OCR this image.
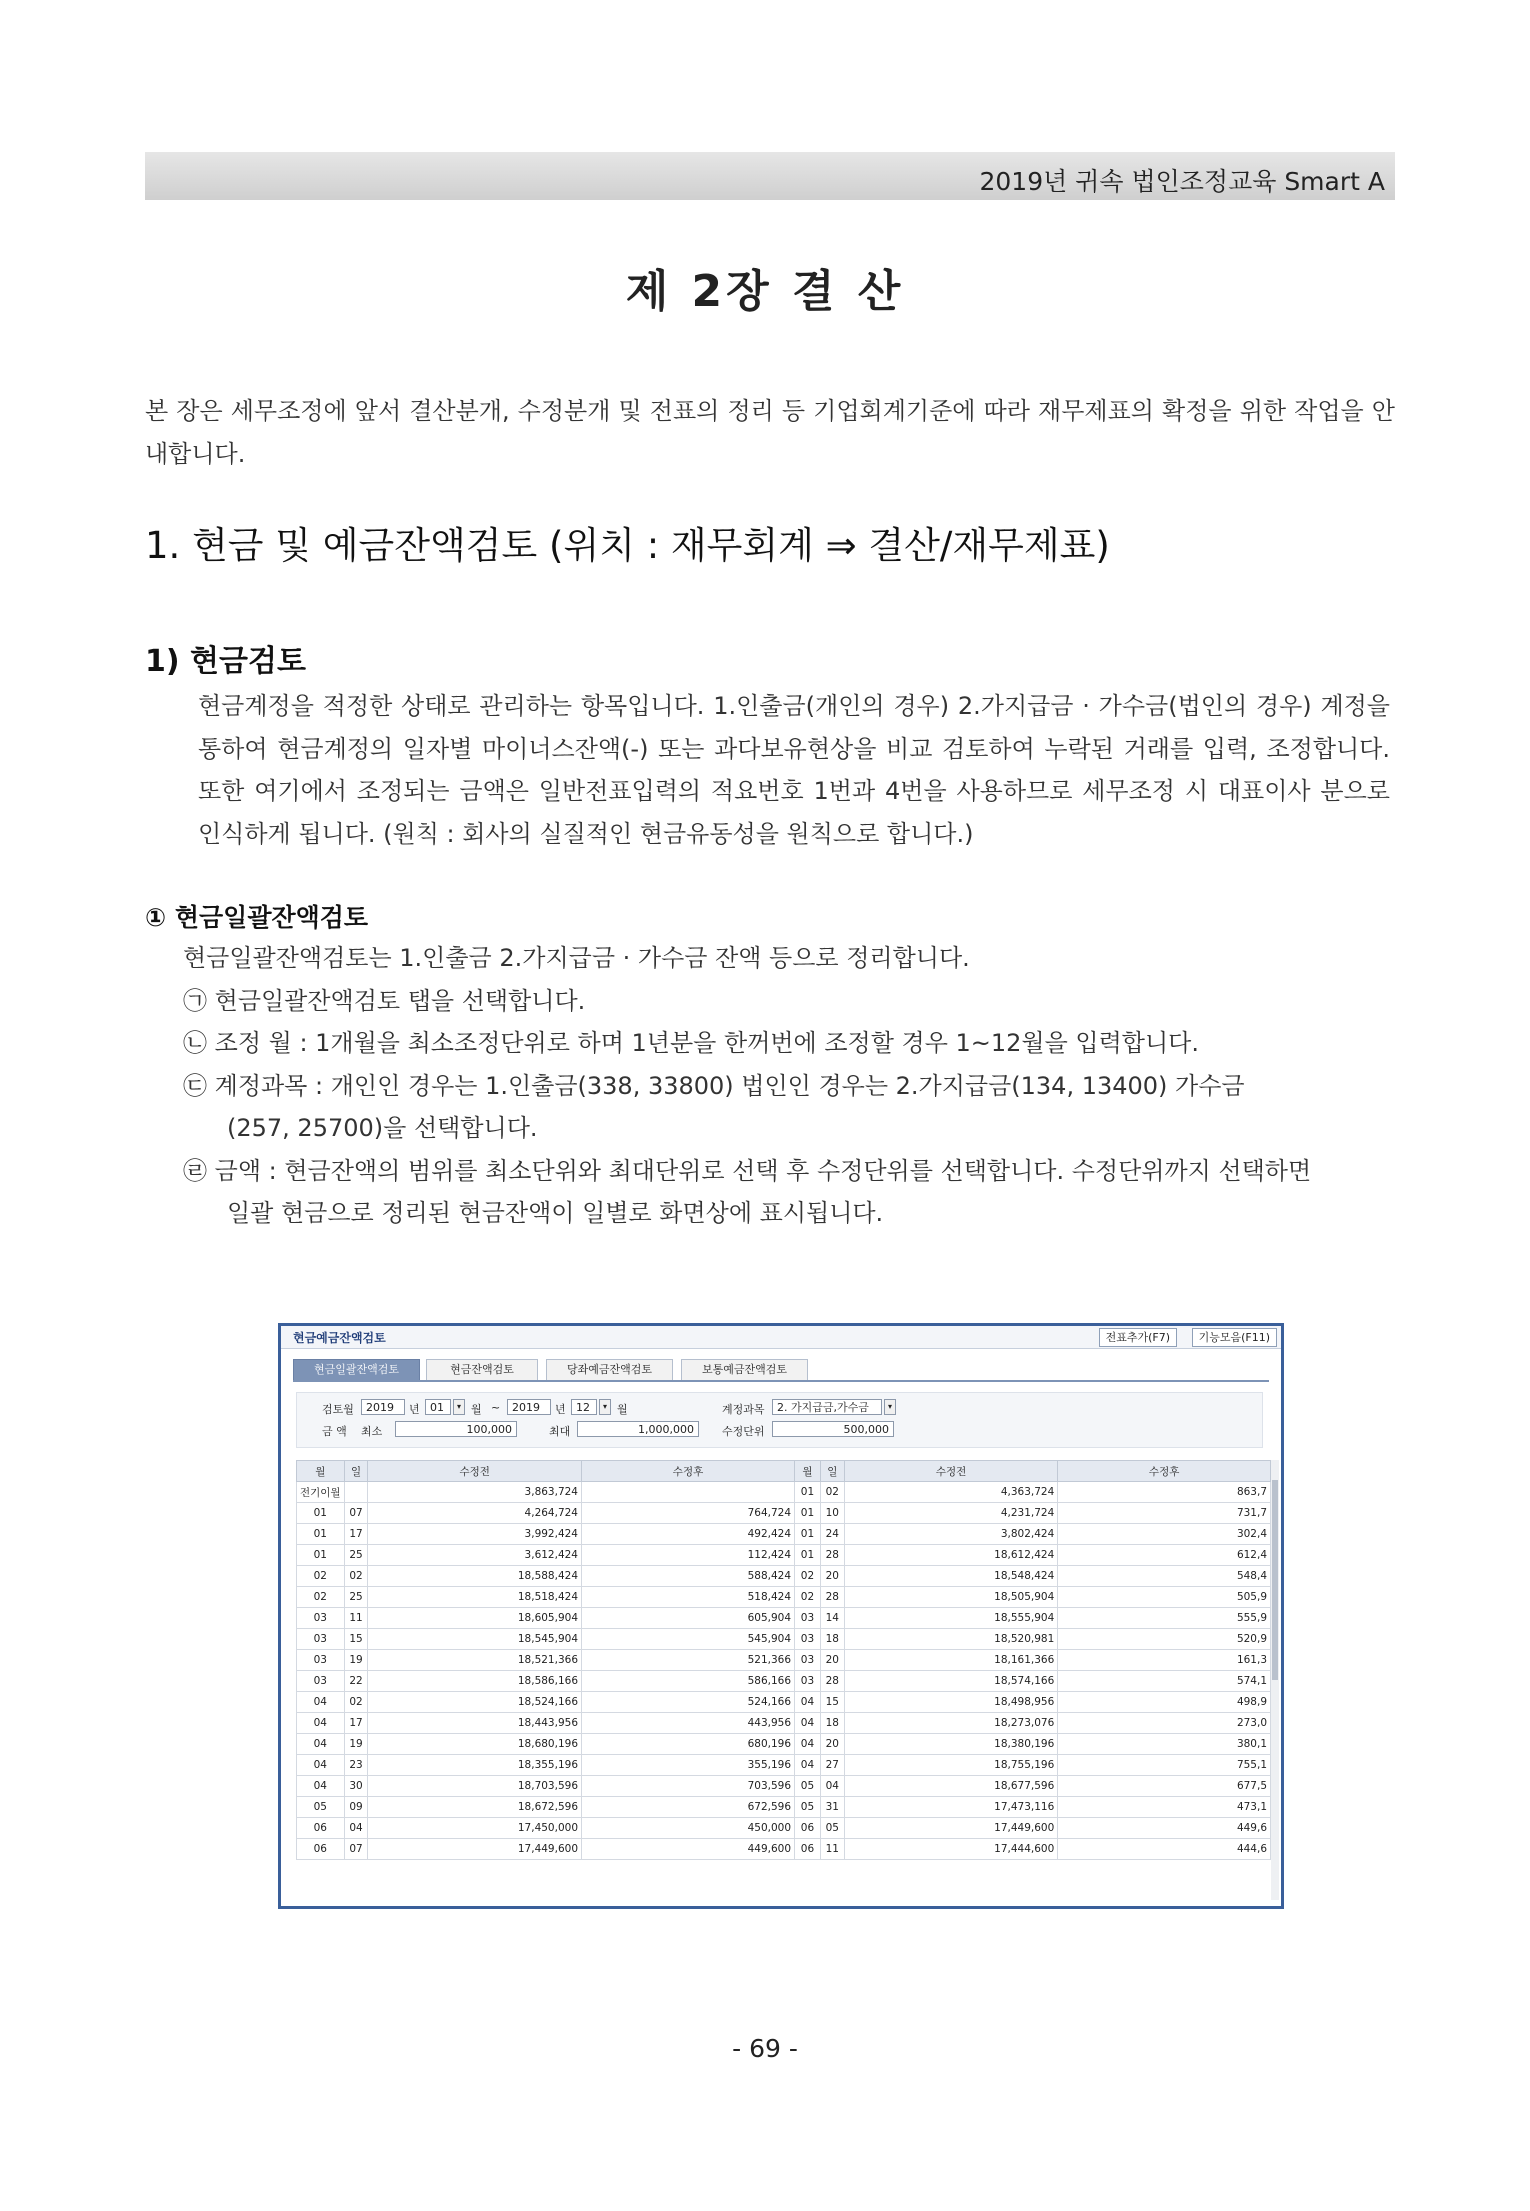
2019년 귀속 법인조정교육 Smart A
제 2장 결 산
본 장은 세무조정에 앞서 결산분개, 수정분개 및 전표의 정리 등 기업회계기준에 따라 재무제표의 확정을 위한 작업을 안내합니다.
1. 현금 및 예금잔액검토 (위치 : 재무회계 ⇒ 결산/재무제표)
1) 현금검토
현금계정을 적정한 상태로 관리하는 항목입니다. 1.인출금(개인의 경우) 2.가지급금 · 가수금(법인의 경우) 계정을 통하여 현금계정의 일자별 마이너스잔액(-) 또는 과다보유현상을 비교 검토하여 누락된 거래를 입력, 조정합니다. 또한 여기에서 조정되는 금액은 일반전표입력의 적요번호 1번과 4번을 사용하므로 세무조정 시 대표이사 분으로 인식하게 됩니다. (원칙 : 회사의 실질적인 현금유동성을 원칙으로 합니다.)
① 현금일괄잔액검토

현금일괄잔액검토는 1.인출금 2.가지급금 · 가수금 잔액 등으로 정리합니다.

㉠ 현금일괄잔액검토 탭을 선택합니다.

㉡ 조정 월 : 1개월을 최소조정단위로 하며 1년분을 한꺼번에 조정할 경우 1~12월을 입력합니다.

㉢ 계정과목 : 개인인 경우는 1.인출금(338, 33800) 법인인 경우는 2.가지급금(134, 13400) 가수금

(257, 25700)을 선택합니다.

㉣ 금액 : 현금잔액의 범위를 최소단위와 최대단위로 선택 후 수정단위를 선택합니다. 수정단위까지 선택하면

일괄 현금으로 정리된 현금잔액이 일별로 화면상에 표시됩니다.

현금예금잔액검토	전표추가(F7)	기능모음(F11)
현금일괄잔액검토	현금잔액검토	당좌예금잔액검토	보통예금잔액검토
검토월	2019	년 01	▾ 월 ~	2019	년 12	▾ 월	계정과목	2. 가지급금,가수금	▾
금 액 최소	100,000	최대	1,000,000	수정단위	500,000
월	일	수정전	수정후	월	일	수정전	수정후
전기이월		3,863,724		01	02	4,363,724	863,7
01	07	4,264,724	764,724	01	10	4,231,724	731,7
01	17	3,992,424	492,424	01	24	3,802,424	302,4
01	25	3,612,424	112,424	01	28	18,612,424	612,4
02	02	18,588,424	588,424	02	20	18,548,424	548,4
02	25	18,518,424	518,424	02	28	18,505,904	505,9
03	11	18,605,904	605,904	03	14	18,555,904	555,9
03	15	18,545,904	545,904	03	18	18,520,981	520,9
03	19	18,521,366	521,366	03	20	18,161,366	161,3
03	22	18,586,166	586,166	03	28	18,574,166	574,1
04	02	18,524,166	524,166	04	15	18,498,956	498,9
04	17	18,443,956	443,956	04	18	18,273,076	273,0
04	19	18,680,196	680,196	04	20	18,380,196	380,1
04	23	18,355,196	355,196	04	27	18,755,196	755,1
04	30	18,703,596	703,596	05	04	18,677,596	677,5
05	09	18,672,596	672,596	05	31	17,473,116	473,1
06	04	17,450,000	450,000	06	05	17,449,600	449,6
06	07	17,449,600	449,600	06	11	17,444,600	444,6
- 69 -
